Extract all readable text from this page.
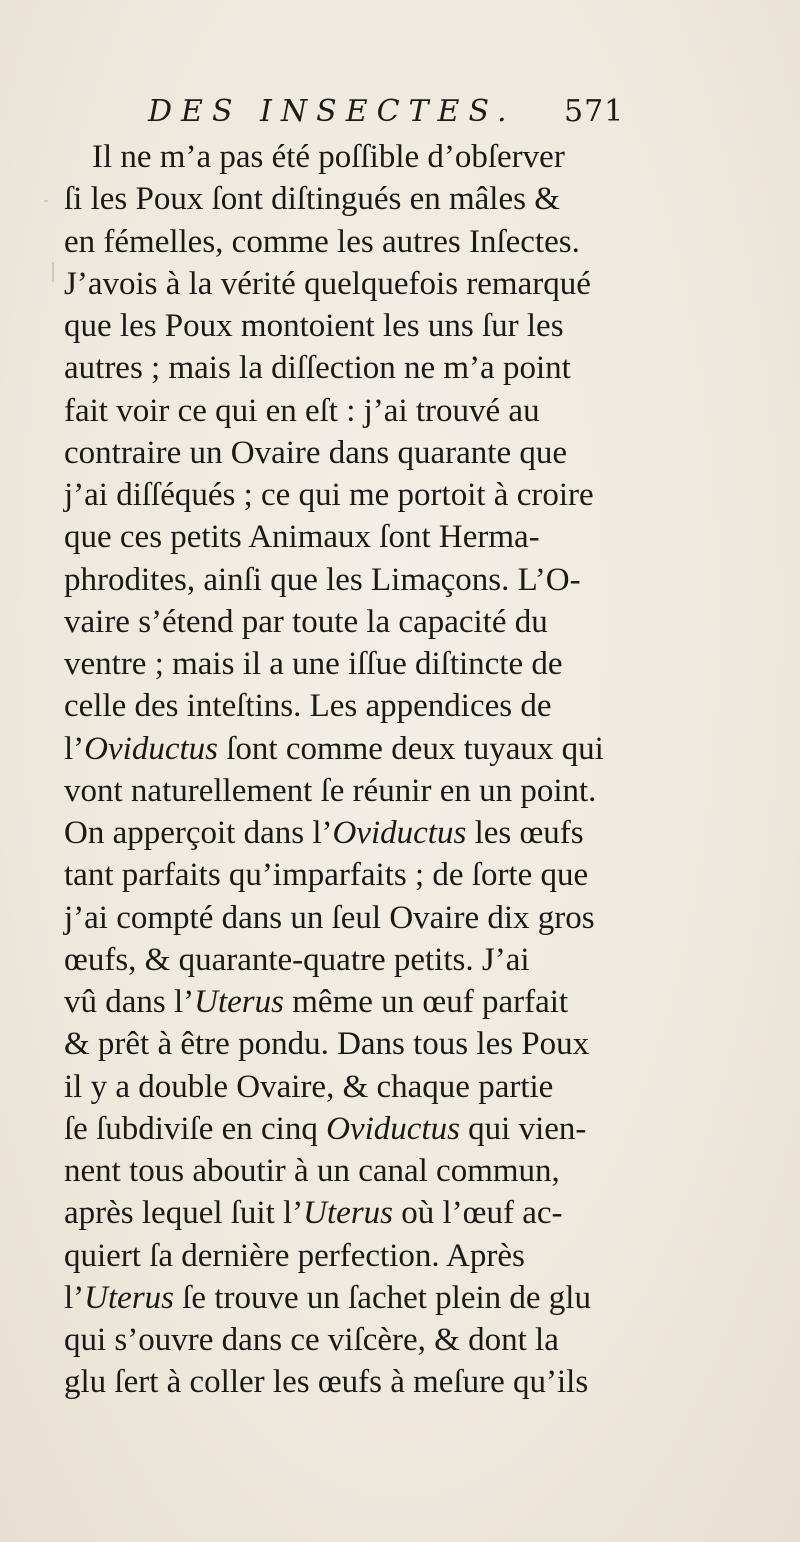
DES INSECTES. 571
Il ne m’a pas été poſſible d’obſerver
ſi les Poux ſont diſtingués en mâles &
en fémelles, comme les autres Inſectes.
J’avois à la vérité quelquefois remarqué
que les Poux montoient les uns ſur les
autres ; mais la diſſection ne m’a point
fait voir ce qui en eſt : j’ai trouvé au
contraire un Ovaire dans quarante que
j’ai diſſéqués ; ce qui me portoit à croire
que ces petits Animaux ſont Herma-
phrodites, ainſi que les Limaçons. L’O-
vaire s’étend par toute la capacité du
ventre ; mais il a une iſſue diſtincte de
celle des inteſtins. Les appendices de
l’Oviductus ſont comme deux tuyaux qui
vont naturellement ſe réunir en un point.
On apperçoit dans l’Oviductus les œufs
tant parfaits qu’imparfaits ; de ſorte que
j’ai compté dans un ſeul Ovaire dix gros
œufs, & quarante-quatre petits. J’ai
vû dans l’Uterus même un œuf parfait
& prêt à être pondu. Dans tous les Poux
il y a double Ovaire, & chaque partie
ſe ſubdiviſe en cinq Oviductus qui vien-
nent tous aboutir à un canal commun,
après lequel ſuit l’Uterus où l’œuf ac-
quiert ſa dernière perfection. Après
l’Uterus ſe trouve un ſachet plein de glu
qui s’ouvre dans ce viſcère, & dont la
glu ſert à coller les œufs à meſure qu’ils
